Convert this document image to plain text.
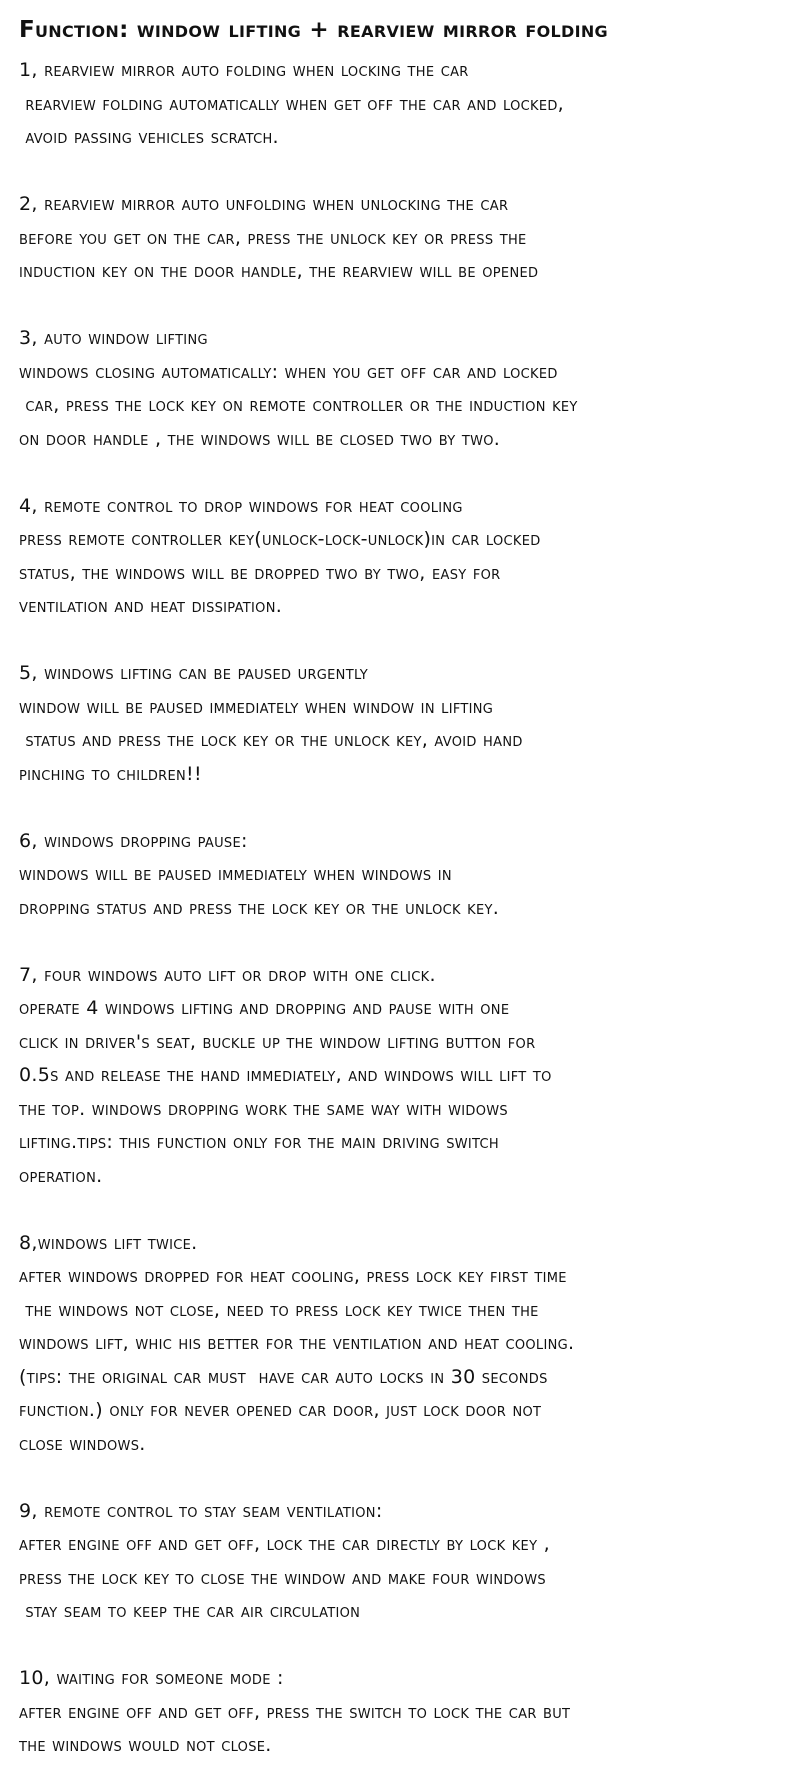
Function: window lifting + rearview mirror folding
1, rearview mirror auto folding when locking the car
rearview folding automatically when get off the car and locked,
avoid passing vehicles scratch.
2, rearview mirror auto unfolding when unlocking the car
before you get on the car, press the unlock key or press the
induction key on the door handle, the rearview will be opened
3, auto window lifting
windows closing automatically: when you get off car and locked
car, press the lock key on remote controller or the induction key
on door handle , the windows will be closed two by two.
4, remote control to drop windows for heat cooling
press remote controller key(unlock-lock-unlock)in car locked
status, the windows will be dropped two by two, easy for
ventilation and heat dissipation.
5, windows lifting can be paused urgently
window will be paused immediately when window in lifting
status and press the lock key or the unlock key, avoid hand
pinching to children!!
6, windows dropping pause:
windows will be paused immediately when windows in
dropping status and press the lock key or the unlock key.
7, four windows auto lift or drop with one click.
operate 4 windows lifting and dropping and pause with one
click in driver's seat, buckle up the window lifting button for
0.5s and release the hand immediately, and windows will lift to
the top. windows dropping work the same way with widows
lifting.tips: this function only for the main driving switch
operation.
8,windows lift twice.
after windows dropped for heat cooling, press lock key first time
the windows not close, need to press lock key twice then the
windows lift, whic his better for the ventilation and heat cooling.
(tips: the original car must  have car auto locks in 30 seconds
function.) only for never opened car door, just lock door not
close windows.
9, remote control to stay seam ventilation:
after engine off and get off, lock the car directly by lock key ,
press the lock key to close the window and make four windows
stay seam to keep the car air circulation
10, waiting for someone mode :
after engine off and get off, press the switch to lock the car but
the windows would not close.
